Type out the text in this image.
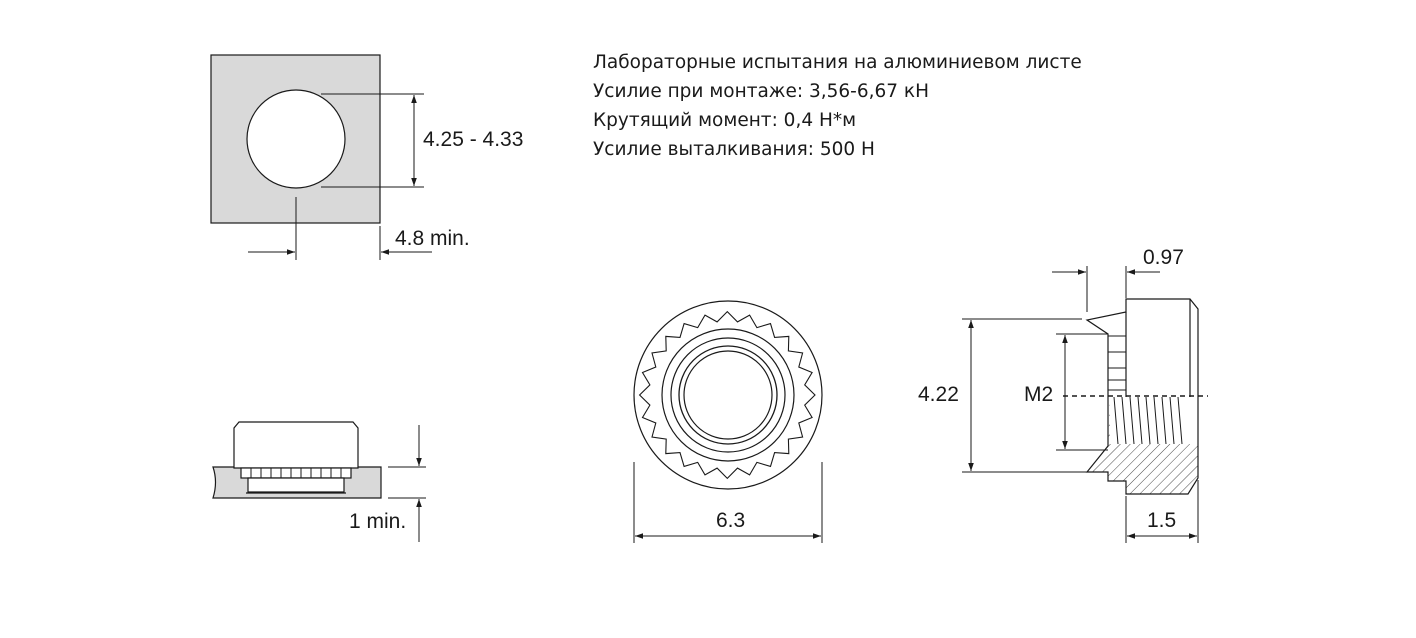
4.25 - 4.33
4.8 min.
1 min.	6.3
0.97
4.22	M2
1.5
Лабораторные испытания на алюминиевом листе
Усилие при монтаже: 3,56-6,67 кН
Крутящий момент: 0,4 Н*м
Усилие выталкивания: 500 Н
